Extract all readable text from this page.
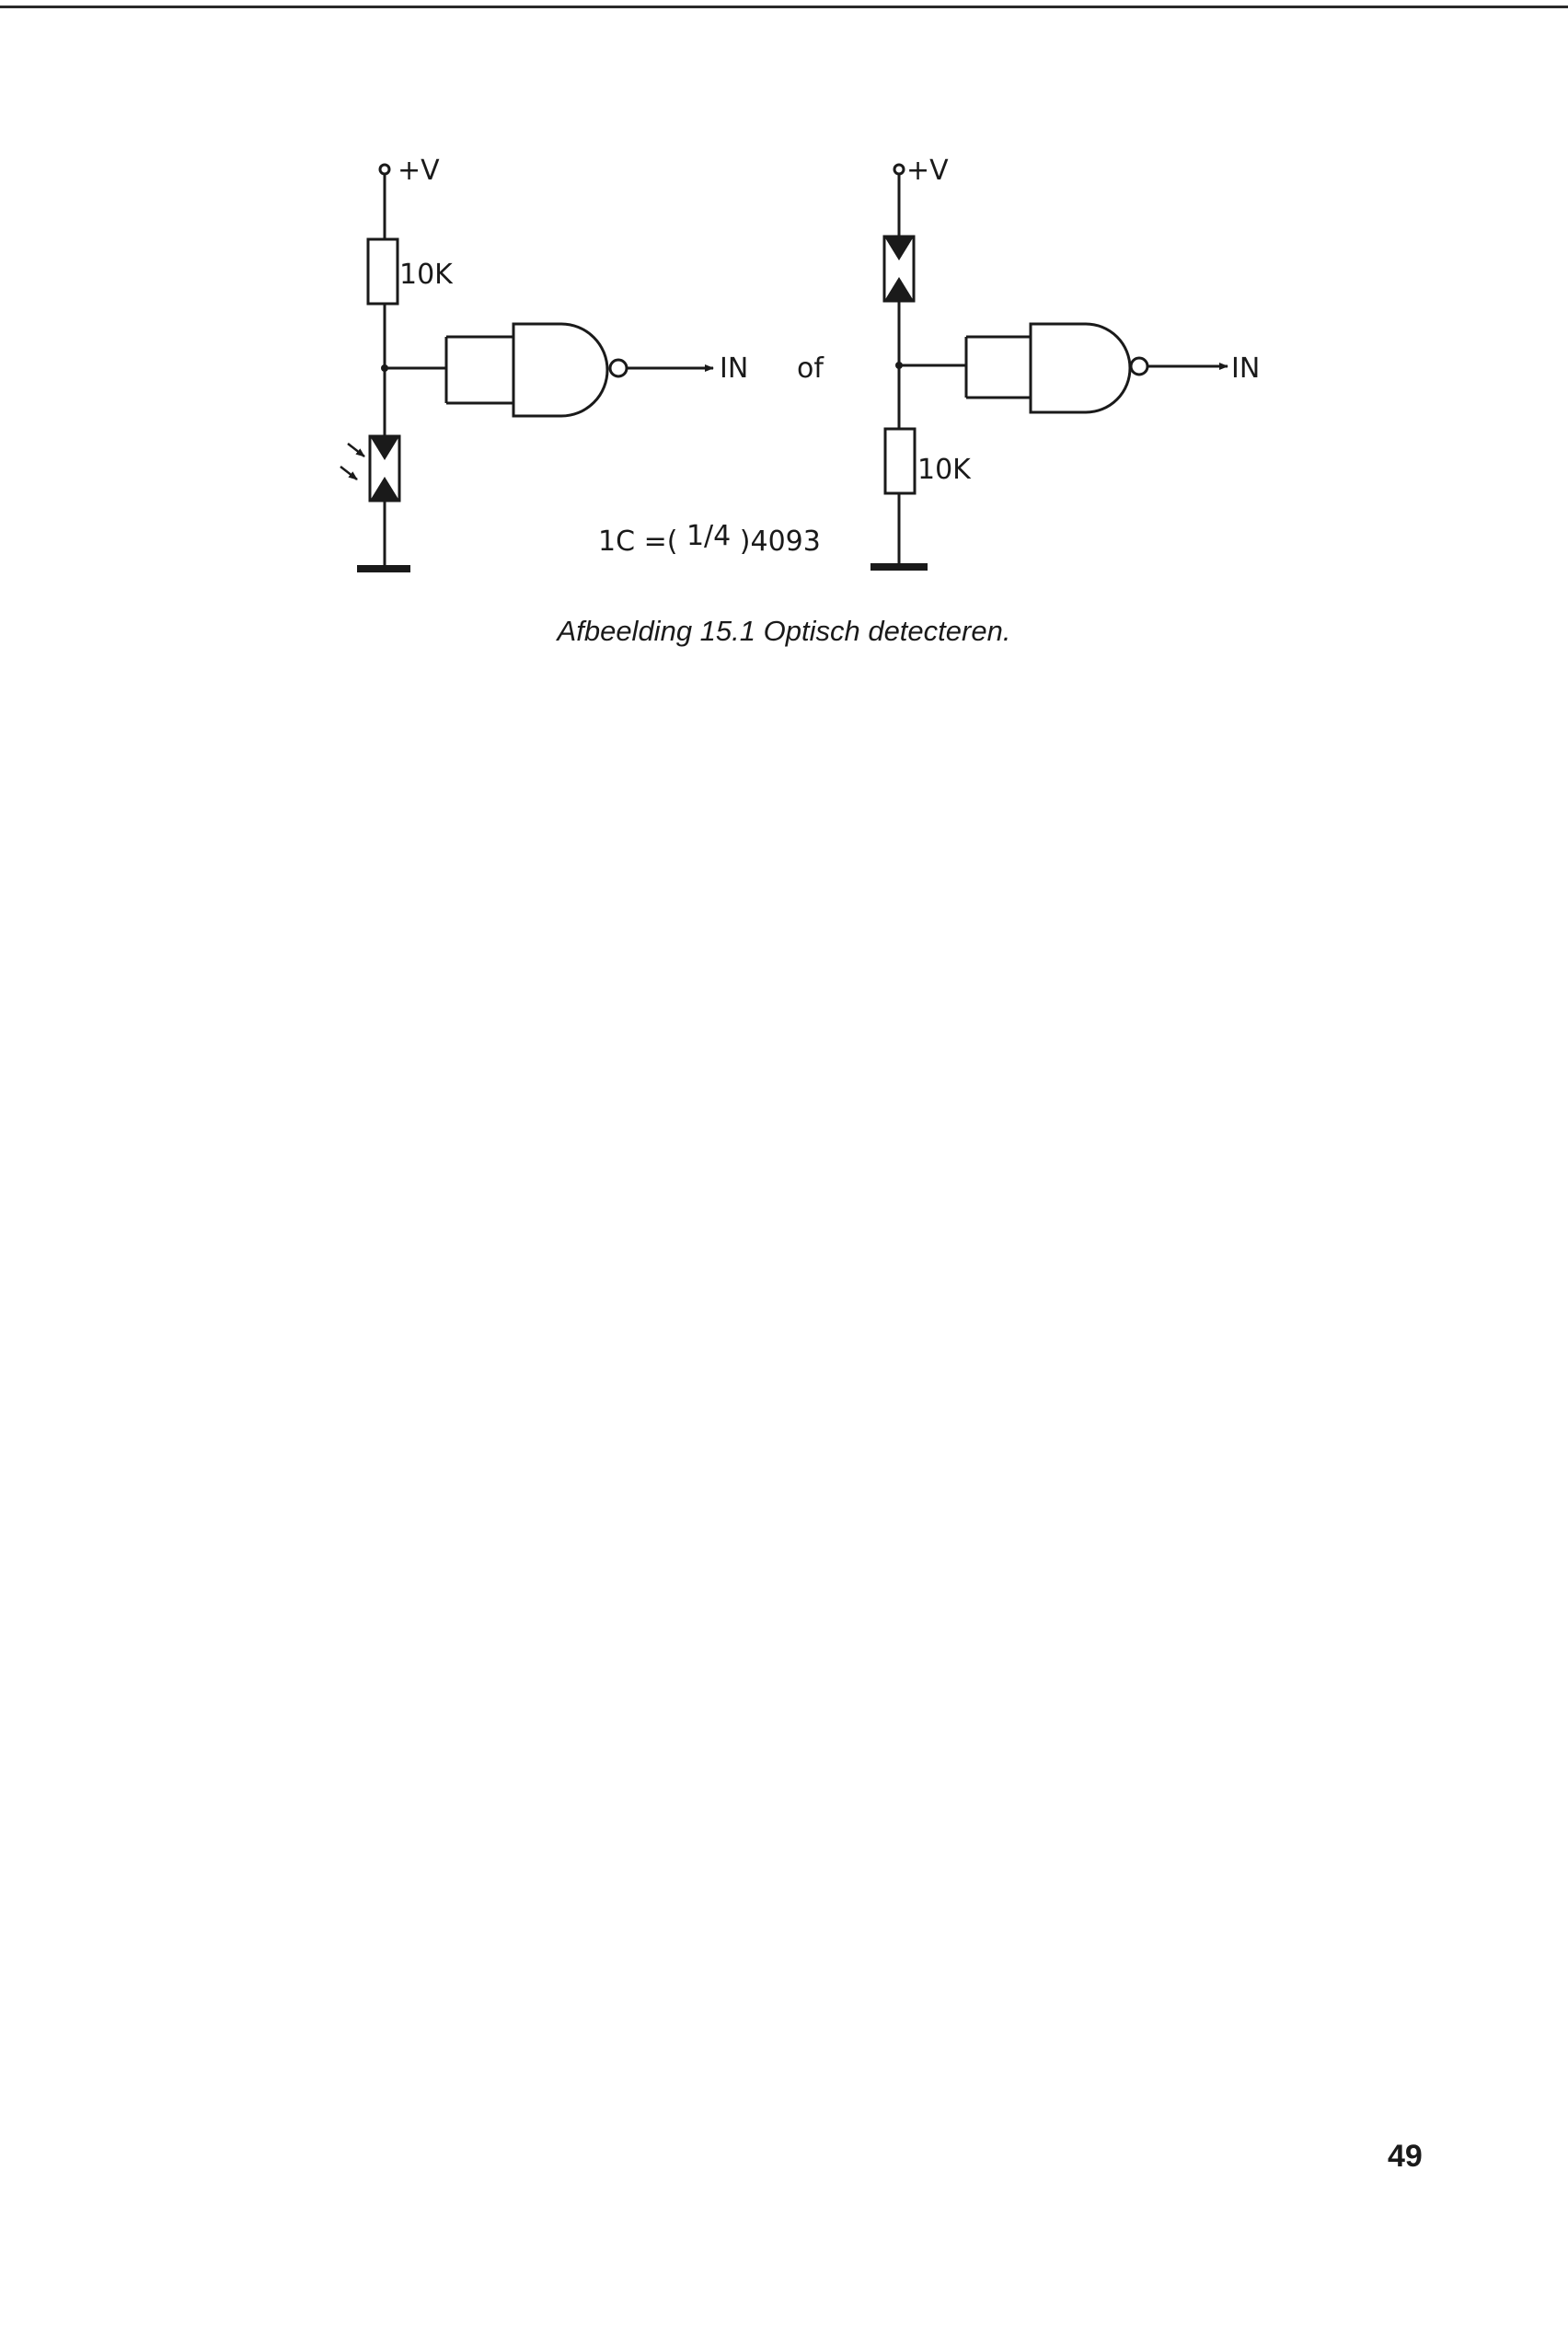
+V
10K
IN of
1C =( 1/4 )4093
+V
10K
IN
Afbeelding 15.1 Optisch detecteren.
49
